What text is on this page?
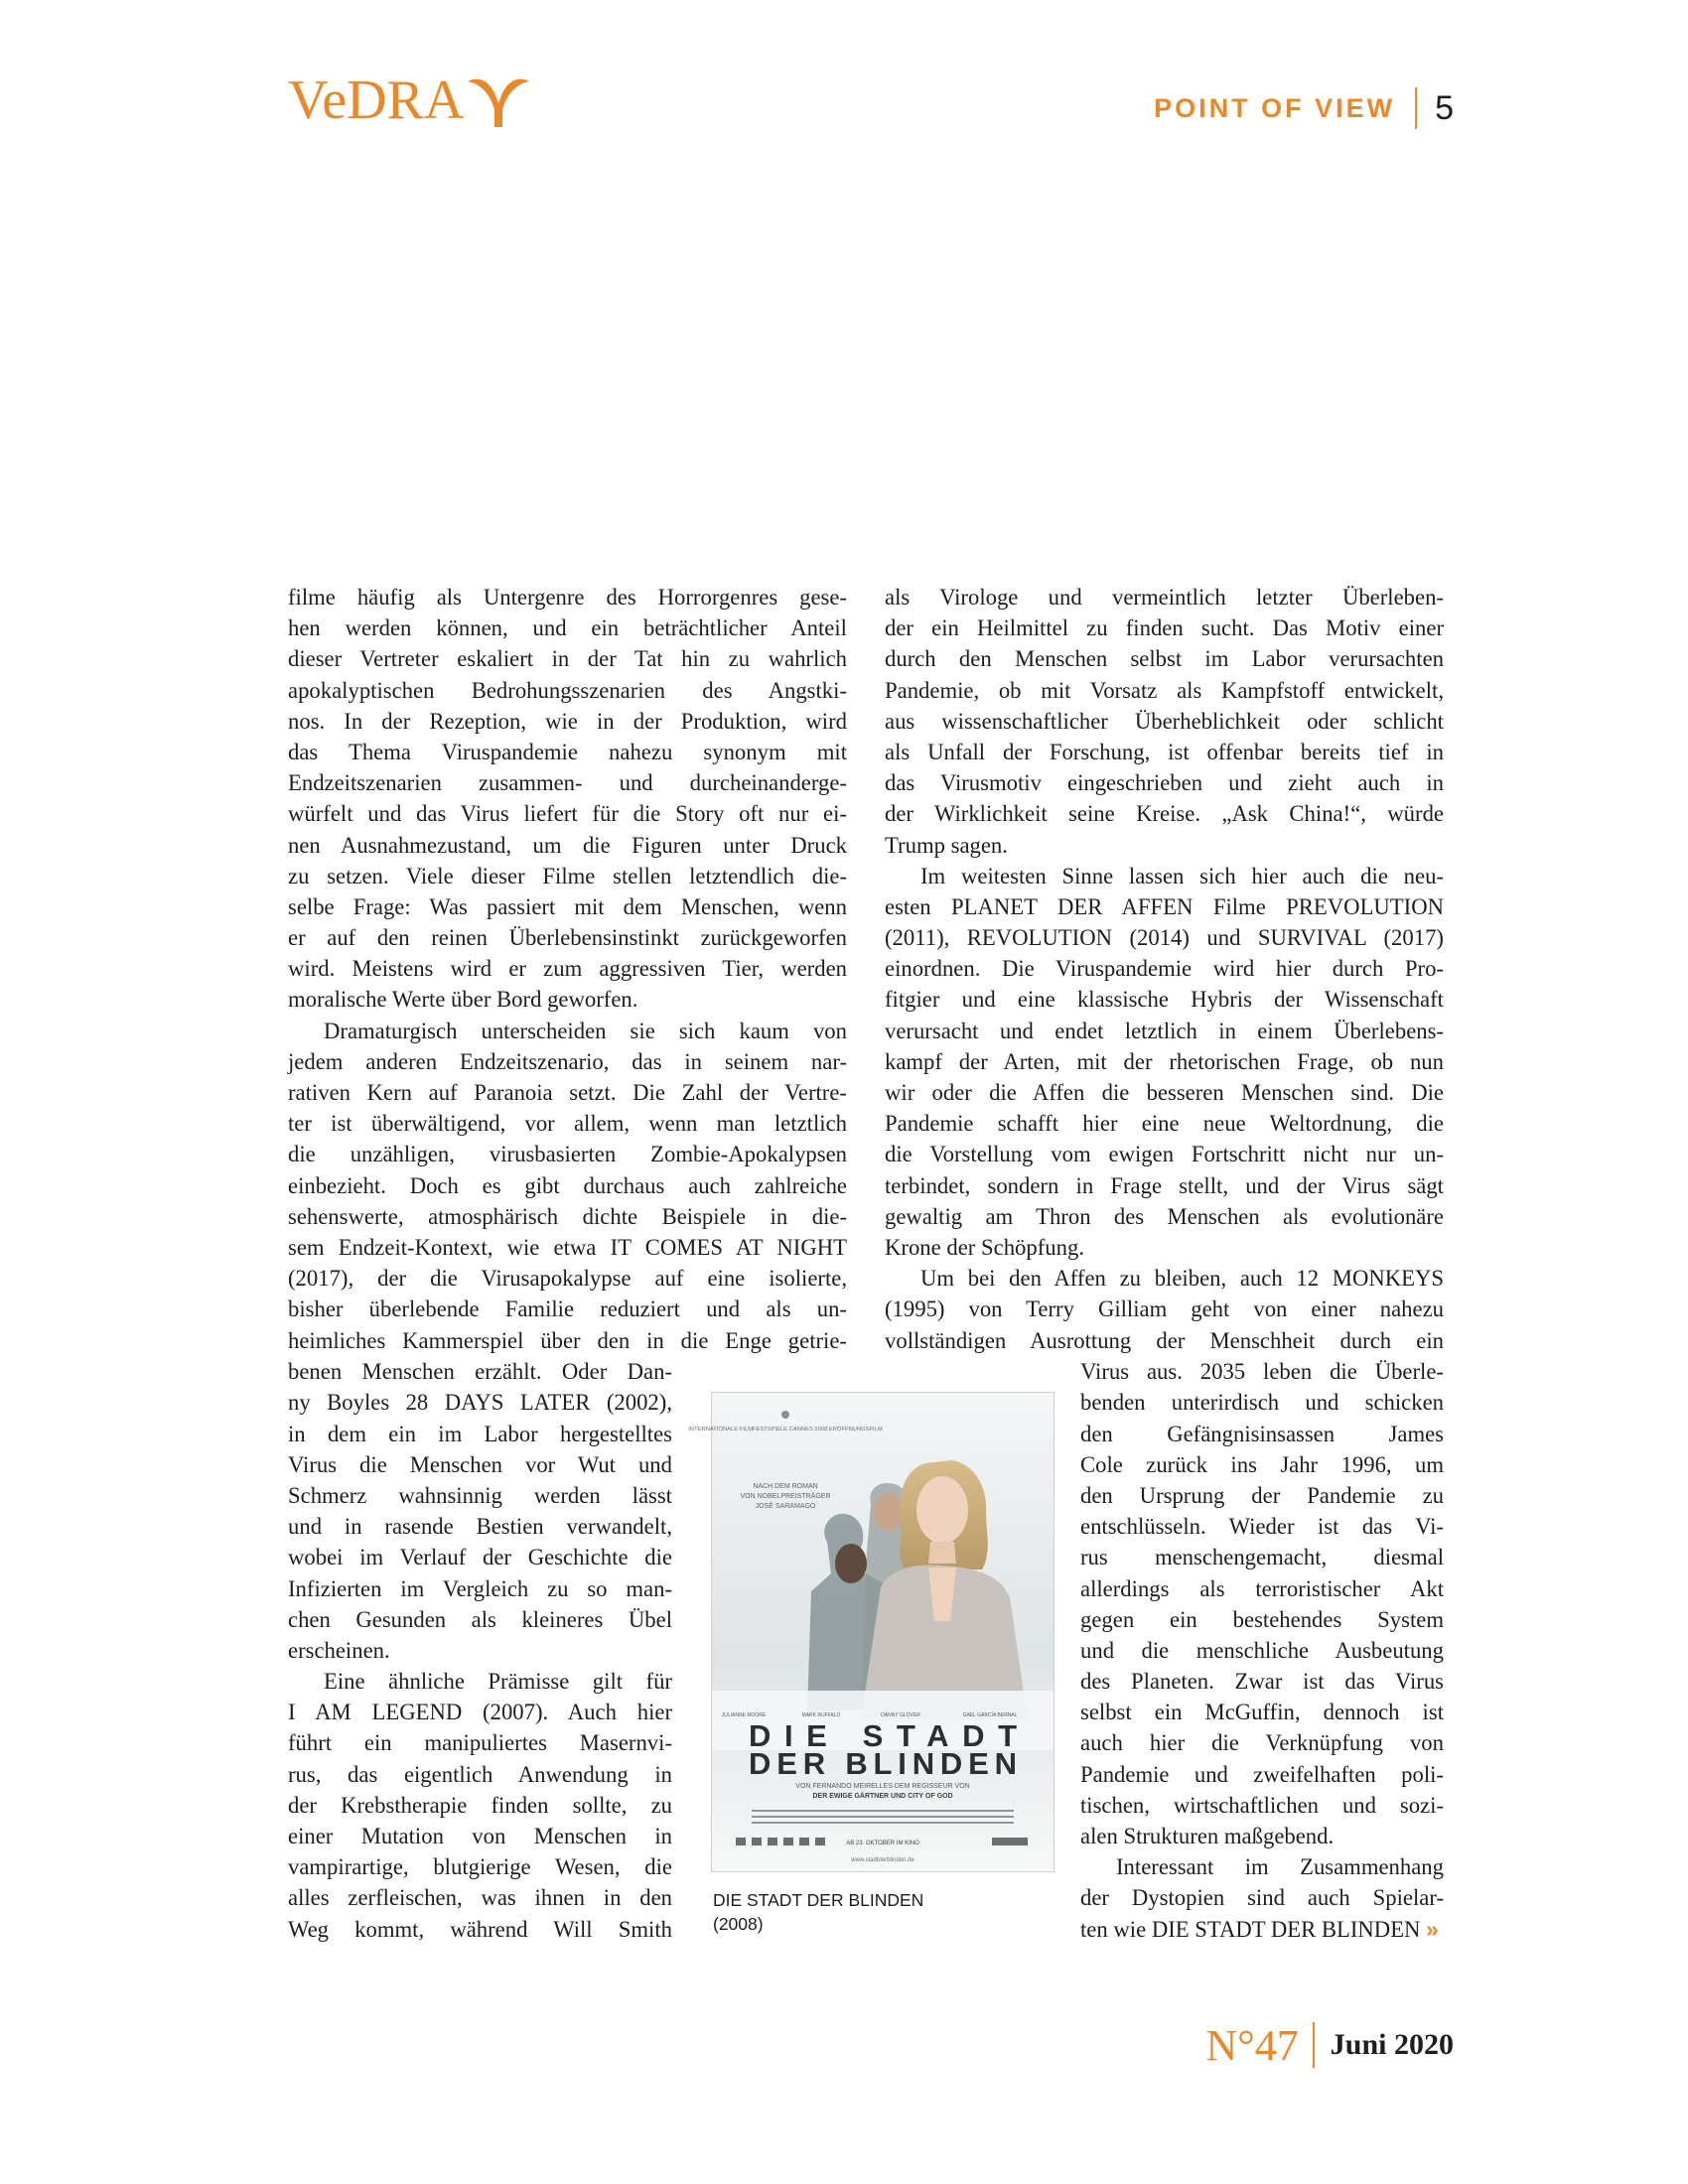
VeDRA	POINT OF VIEW 5

filme häufig als Untergenre des Horrorgenres gese-
hen werden können, und ein beträchtlicher Anteil
dieser Vertreter eskaliert in der Tat hin zu wahrlich
apokalyptischen Bedrohungsszenarien des Angstki-
nos. In der Rezeption, wie in der Produktion, wird
das Thema Viruspandemie nahezu synonym mit
Endzeitszenarien zusammen- und durcheinanderge-
würfelt und das Virus liefert für die Story oft nur ei-
nen Ausnahmezustand, um die Figuren unter Druck
zu setzen. Viele dieser Filme stellen letztendlich die-
selbe Frage: Was passiert mit dem Menschen, wenn
er auf den reinen Überlebensinstinkt zurückgeworfen
wird. Meistens wird er zum aggressiven Tier, werden
moralische Werte über Bord geworfen.

Dramaturgisch unterscheiden sie sich kaum von
jedem anderen Endzeitszenario, das in seinem nar-
rativen Kern auf Paranoia setzt. Die Zahl der Vertre-
ter ist überwältigend, vor allem, wenn man letztlich
die unzähligen, virusbasierten Zombie-Apokalypsen
einbezieht. Doch es gibt durchaus auch zahlreiche
sehenswerte, atmosphärisch dichte Beispiele in die-
sem Endzeit-Kontext, wie etwa IT COMES AT NIGHT
(2017), der die Virusapokalypse auf eine isolierte,
bisher überlebende Familie reduziert und als un-
heimliches Kammerspiel über den in die Enge getrie-

benen Menschen erzählt. Oder Dan-
ny Boyles 28 DAYS LATER (2002),
in dem ein im Labor hergestelltes
Virus die Menschen vor Wut und
Schmerz wahnsinnig werden lässt
und in rasende Bestien verwandelt,
wobei im Verlauf der Geschichte die
Infizierten im Vergleich zu so man-
chen Gesunden als kleineres Übel
erscheinen.

Eine ähnliche Prämisse gilt für
I AM LEGEND (2007). Auch hier
führt ein manipuliertes Masernvi-
rus, das eigentlich Anwendung in
der Krebstherapie finden sollte, zu
einer Mutation von Menschen in
vampirartige, blutgierige Wesen, die
alles zerfleischen, was ihnen in den
Weg kommt, während Will Smith

als Virologe und vermeintlich letzter Überleben-
der ein Heilmittel zu finden sucht. Das Motiv einer
durch den Menschen selbst im Labor verursachten
Pandemie, ob mit Vorsatz als Kampfstoff entwickelt,
aus wissenschaftlicher Überheblichkeit oder schlicht
als Unfall der Forschung, ist offenbar bereits tief in
das Virusmotiv eingeschrieben und zieht auch in
der Wirklichkeit seine Kreise. „Ask China!“, würde
Trump sagen.

Im weitesten Sinne lassen sich hier auch die neu-
esten PLANET DER AFFEN Filme PREVOLUTION
(2011), REVOLUTION (2014) und SURVIVAL (2017)
einordnen. Die Viruspandemie wird hier durch Pro-
fitgier und eine klassische Hybris der Wissenschaft
verursacht und endet letztlich in einem Überlebens-
kampf der Arten, mit der rhetorischen Frage, ob nun
wir oder die Affen die besseren Menschen sind. Die
Pandemie schafft hier eine neue Weltordnung, die
die Vorstellung vom ewigen Fortschritt nicht nur un-
terbindet, sondern in Frage stellt, und der Virus sägt
gewaltig am Thron des Menschen als evolutionäre
Krone der Schöpfung.

Um bei den Affen zu bleiben, auch 12 MONKEYS
(1995) von Terry Gilliam geht von einer nahezu
vollständigen Ausrottung der Menschheit durch ein

Virus aus. 2035 leben die Überle-
benden unterirdisch und schicken
den Gefängnisinsassen James
Cole zurück ins Jahr 1996, um
den Ursprung der Pandemie zu
entschlüsseln. Wieder ist das Vi-
rus menschengemacht, diesmal
allerdings als terroristischer Akt
gegen ein bestehendes System
und die menschliche Ausbeutung
des Planeten. Zwar ist das Virus
selbst ein McGuffin, dennoch ist
auch hier die Verknüpfung von
Pandemie und zweifelhaften poli-
tischen, wirtschaftlichen und sozi-
alen Strukturen maßgebend.

Interessant im Zusammenhang
der Dystopien sind auch Spielar-
ten wie DIE STADT DER BLINDEN »

INTERNATIONALE FILMFESTSPIELE CANNES 2008 ERÖFFNUNGSFILM
NACH DEM ROMAN
VON NOBELPREISTRÄGER
JOSÉ SARAMAGO
JULIANNE MOORE	MARK RUFFALO	DANNY GLOVER	GAEL GARCÍA BERNAL
DIE STADT
DER BLINDEN
VON FERNANDO MEIRELLES DEM REGISSEUR VON
DER EWIGE GÄRTNER UND CITY OF GOD
AB 23. OKTOBER IM KINO
www.stadtderblinden.de
DIE STADT DER BLINDEN
(2008)
N°47 Juni 2020
